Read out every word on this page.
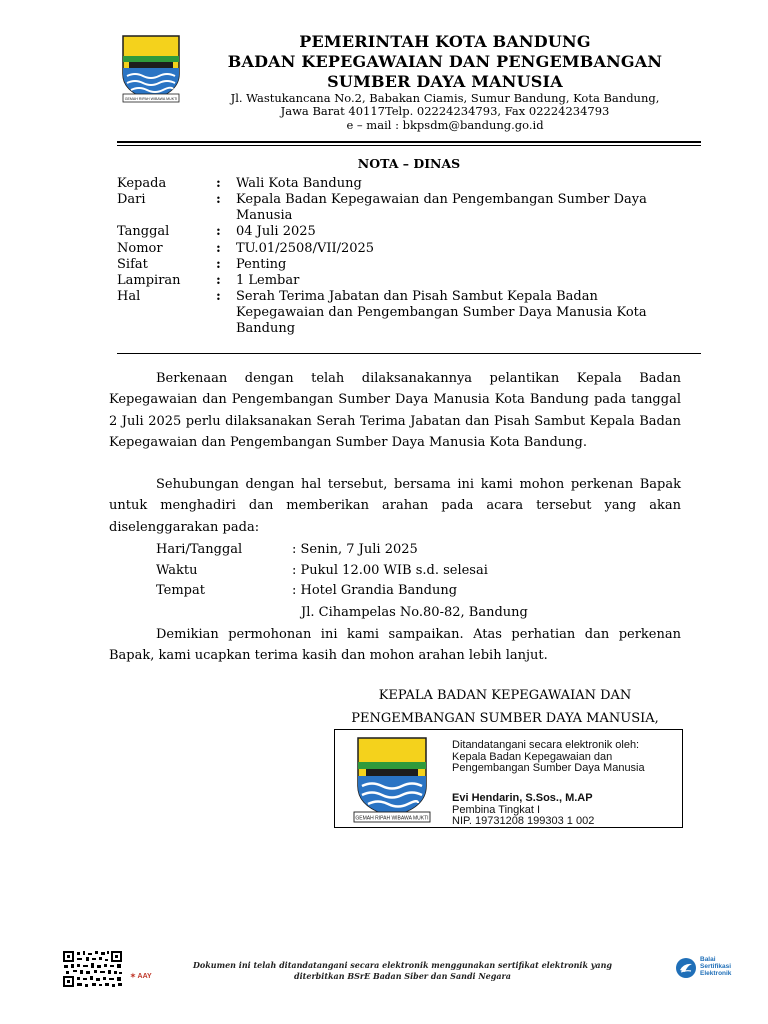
GEMAH RIPAH WIBAWA MUKTI
PEMERINTAH KOTA BANDUNG
BADAN KEPEGAWAIAN DAN PENGEMBANGAN
SUMBER DAYA MANUSIA
Jl. Wastukancana No.2, Babakan Ciamis, Sumur Bandung, Kota Bandung,
Jawa Barat 40117Telp. 02224234793, Fax 02224234793
e – mail : bkpsdm@bandung.go.id
NOTA – DINAS
Kepada	: Wali Kota Bandung
Dari	: Kepala Badan Kepegawaian dan Pengembangan Sumber Daya Manusia
Tanggal	: 04 Juli 2025
Nomor	: TU.01/2508/VII/2025
Sifat	: Penting
Lampiran	: 1 Lembar
Hal	: Serah Terima Jabatan dan Pisah Sambut Kepala Badan Kepegawaian dan Pengembangan Sumber Daya Manusia Kota Bandung
Berkenaan dengan telah dilaksanakannya pelantikan Kepala Badan Kepegawaian dan Pengembangan Sumber Daya Manusia Kota Bandung pada tanggal 2 Juli 2025 perlu dilaksanakan Serah Terima Jabatan dan Pisah Sambut Kepala Badan Kepegawaian dan Pengembangan Sumber Daya Manusia Kota Bandung.
Sehubungan dengan hal tersebut, bersama ini kami mohon perkenan Bapak untuk menghadiri dan memberikan arahan pada acara tersebut yang akan diselenggarakan pada:
Hari/Tanggal	: Senin, 7 Juli 2025
Waktu	: Pukul 12.00 WIB s.d. selesai
Tempat	: Hotel Grandia Bandung
Jl. Cihampelas No.80-82, Bandung
Demikian permohonan ini kami sampaikan. Atas perhatian dan perkenan Bapak, kami ucapkan terima kasih dan mohon arahan lebih lanjut.
KEPALA BADAN KEPEGAWAIAN DAN
PENGEMBANGAN SUMBER DAYA MANUSIA,
GEMAH RIPAH WIBAWA MUKTI
Ditandatangani secara elektronik oleh:
Kepala Badan Kepegawaian dan
Pengembangan Sumber Daya Manusia
Evi Hendarin, S.Sos., M.AP
Pembina Tingkat I
NIP. 19731208 199303 1 002
✶ AAY
Dokumen ini telah ditandatangani secara elektronik menggunakan sertifikat elektronik yang
diterbitkan BSrE Badan Siber dan Sandi Negara
Balai
Sertifikasi
Elektronik
